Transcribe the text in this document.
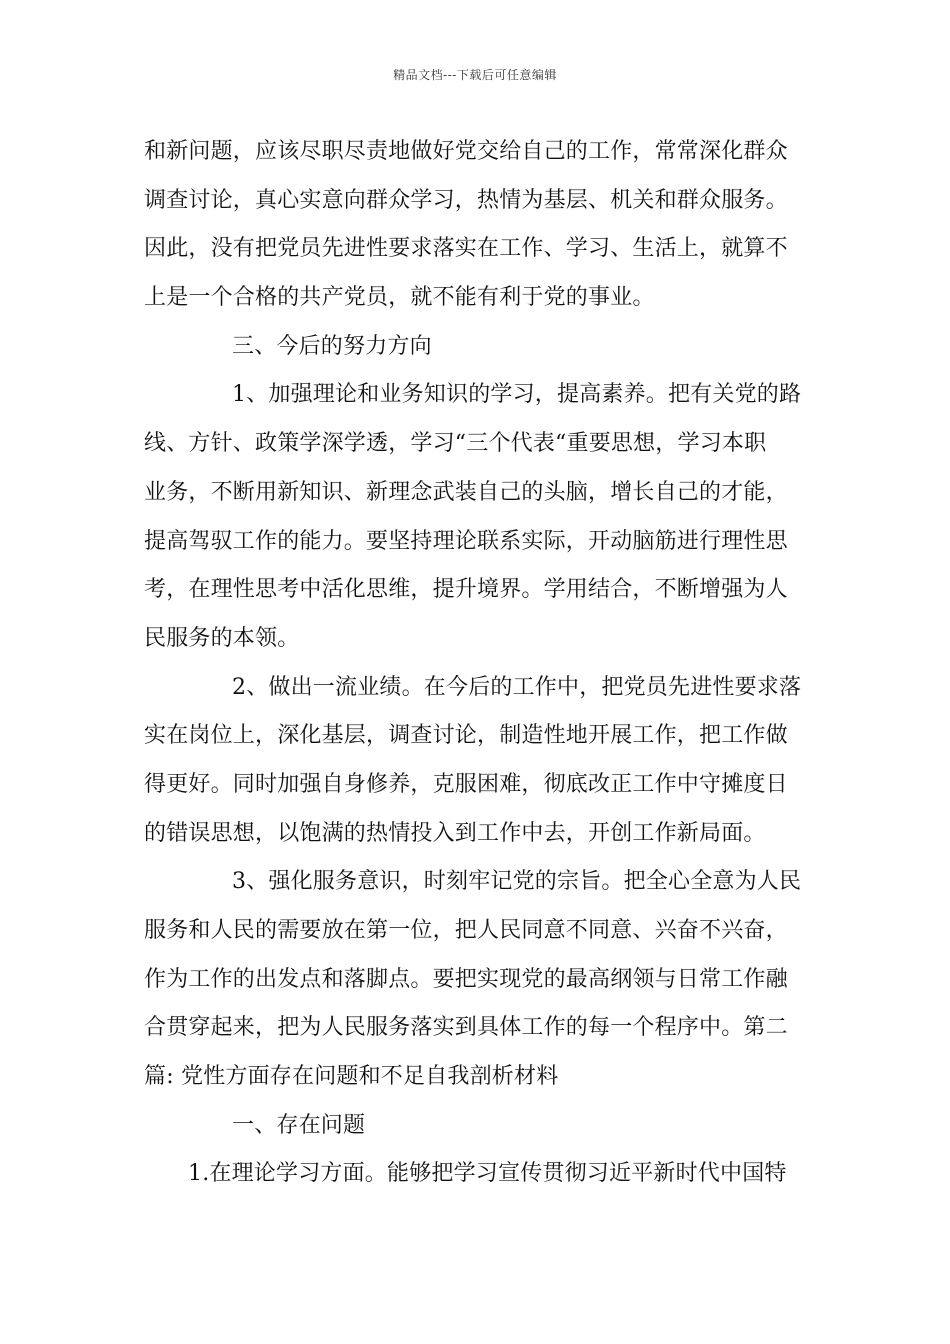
精品文档---下载后可任意编辑
和新问题，应该尽职尽责地做好党交给自己的工作，常常深化群众
调查讨论，真心实意向群众学习，热情为基层、机关和群众服务。
因此，没有把党员先进性要求落实在工作、学习、生活上，就算不
上是一个合格的共产党员，就不能有利于党的事业。
三、今后的努力方向
1、加强理论和业务知识的学习，提高素养。把有关党的路
线、方针、政策学深学透，学习“三个代表“重要思想，学习本职
业务，不断用新知识、新理念武装自己的头脑，增长自己的才能，
提高驾驭工作的能力。要坚持理论联系实际，开动脑筋进行理性思
考，在理性思考中活化思维，提升境界。学用结合，不断增强为人
民服务的本领。
2、做出一流业绩。在今后的工作中，把党员先进性要求落
实在岗位上，深化基层，调查讨论，制造性地开展工作，把工作做
得更好。同时加强自身修养，克服困难，彻底改正工作中守摊度日
的错误思想，以饱满的热情投入到工作中去，开创工作新局面。
3、强化服务意识，时刻牢记党的宗旨。把全心全意为人民
服务和人民的需要放在第一位，把人民同意不同意、兴奋不兴奋，
作为工作的出发点和落脚点。要把实现党的最高纲领与日常工作融
合贯穿起来，把为人民服务落实到具体工作的每一个程序中。第二
篇: 党性方面存在问题和不足自我剖析材料
一、存在问题
1.在理论学习方面。能够把学习宣传贯彻习近平新时代中国特
